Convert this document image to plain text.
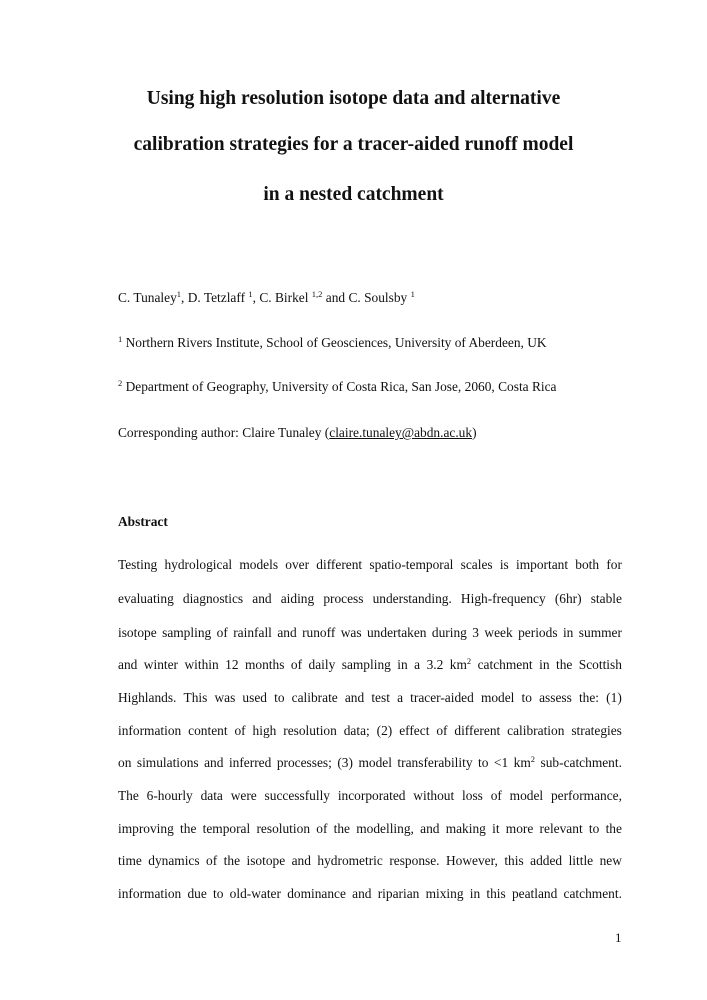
Using high resolution isotope data and alternative
calibration strategies for a tracer-aided runoff model
in a nested catchment
C. Tunaley$^1$, D. Tetzlaff $^1$, C. Birkel $^{1,2}$ and C. Soulsby $^1$
$^1$ Northern Rivers Institute, School of Geosciences, University of Aberdeen, UK
$^2$ Department of Geography, University of Costa Rica, San Jose, 2060, Costa Rica
Corresponding author: Claire Tunaley (claire.tunaley@abdn.ac.uk)
Abstract
Testing hydrological models over different spatio-temporal scales is important both for
evaluating diagnostics and aiding process understanding. High-frequency (6hr) stable
isotope sampling of rainfall and runoff was undertaken during 3 week periods in summer
and winter within 12 months of daily sampling in a 3.2 $km^2$ catchment in the Scottish
Highlands. This was used to calibrate and test a tracer-aided model to assess the: (1)
information content of high resolution data; (2) effect of different calibration strategies
on simulations and inferred processes; (3) model transferability to <1 $km^2$ sub-catchment.
The 6-hourly data were successfully incorporated without loss of model performance,
improving the temporal resolution of the modelling, and making it more relevant to the
time dynamics of the isotope and hydrometric response. However, this added little new
information due to old-water dominance and riparian mixing in this peatland catchment.
1
